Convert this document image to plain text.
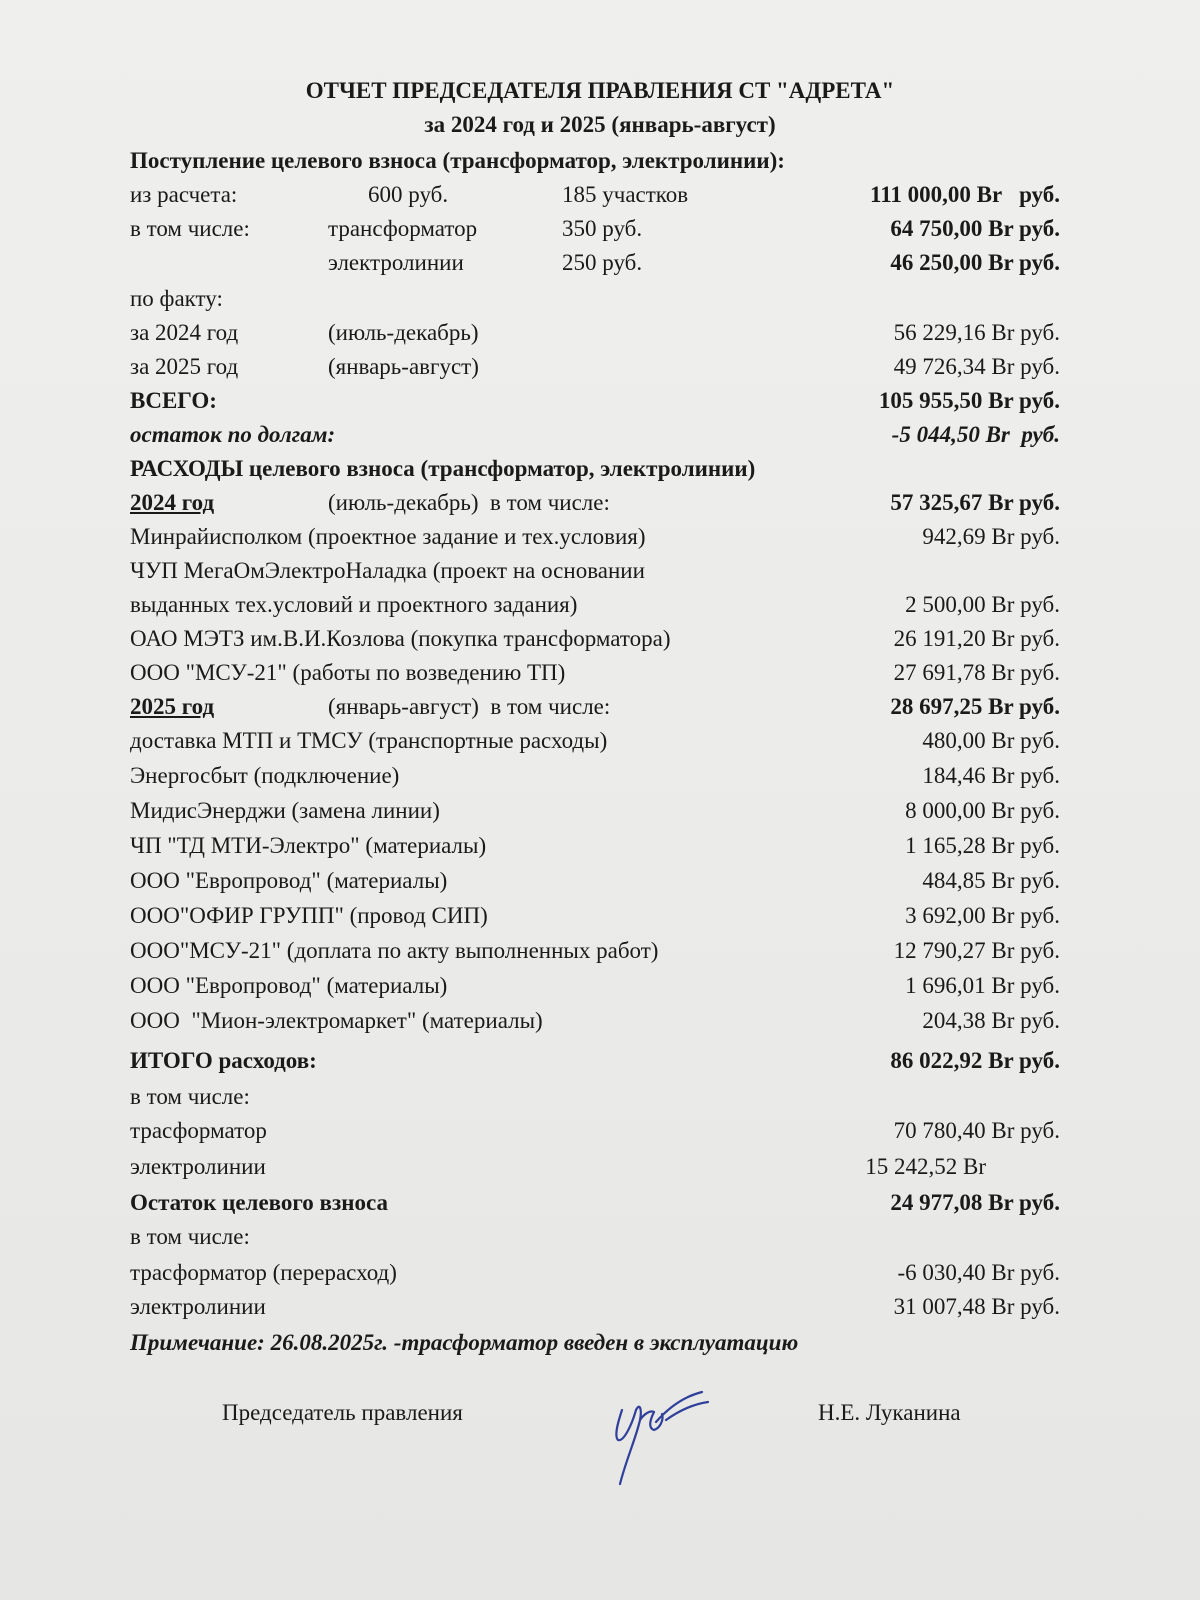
ОТЧЕТ ПРЕДСЕДАТЕЛЯ ПРАВЛЕНИЯ СТ "АДРЕТА"
за 2024 год и 2025 (январь-август)
Поступление целевого взноса (трансформатор, электролинии):
из расчета:	600 руб.	185 участков	111 000,00 Br   руб.
в том числе:	трансформатор	350 руб.	64 750,00 Br руб.
электролинии	250 руб.	46 250,00 Br руб.
по факту:
за 2024 год	(июль-декабрь)	56 229,16 Br руб.
за 2025 год	(январь-август)	49 726,34 Br руб.
ВСЕГО:	105 955,50 Br руб.
остаток по долгам:	-5 044,50 Br  руб.
РАСХОДЫ целевого взноса (трансформатор, электролинии)
2024 год	(июль-декабрь)  в том числе:	57 325,67 Br руб.
Минрайисполком (проектное задание и тех.условия)	942,69 Br руб.
ЧУП МегаОмЭлектроНаладка (проект на основании
выданных тех.условий и проектного задания)	2 500,00 Br руб.
ОАО МЭТЗ им.В.И.Козлова (покупка трансформатора)	26 191,20 Br руб.
ООО "МСУ-21" (работы по возведению ТП)	27 691,78 Br руб.
2025 год	(январь-август)  в том числе:	28 697,25 Br руб.
доставка МТП и ТМСУ (транспортные расходы)	480,00 Br руб.
Энергосбыт (подключение)	184,46 Br руб.
МидисЭнерджи (замена линии)	8 000,00 Br руб.
ЧП "ТД МТИ-Электро" (материалы)	1 165,28 Br руб.
ООО "Европровод" (материалы)	484,85 Br руб.
ООО"ОФИР ГРУПП" (провод СИП)	3 692,00 Br руб.
ООО"МСУ-21" (доплата по акту выполненных работ)	12 790,27 Br руб.
ООО "Европровод" (материалы)	1 696,01 Br руб.
ООО  "Мион-электромаркет" (материалы)	204,38 Br руб.
ИТОГО расходов:	86 022,92 Br руб.
в том числе:
трасформатор	70 780,40 Br руб.
электролинии	15 242,52 Br
Остаток целевого взноса	24 977,08 Br руб.
в том числе:
трасформатор (перерасход)	-6 030,40 Br руб.
электролинии	31 007,48 Br руб.
Примечание: 26.08.2025г. -трасформатор введен в эксплуатацию
Председатель правления	Н.Е. Луканина
